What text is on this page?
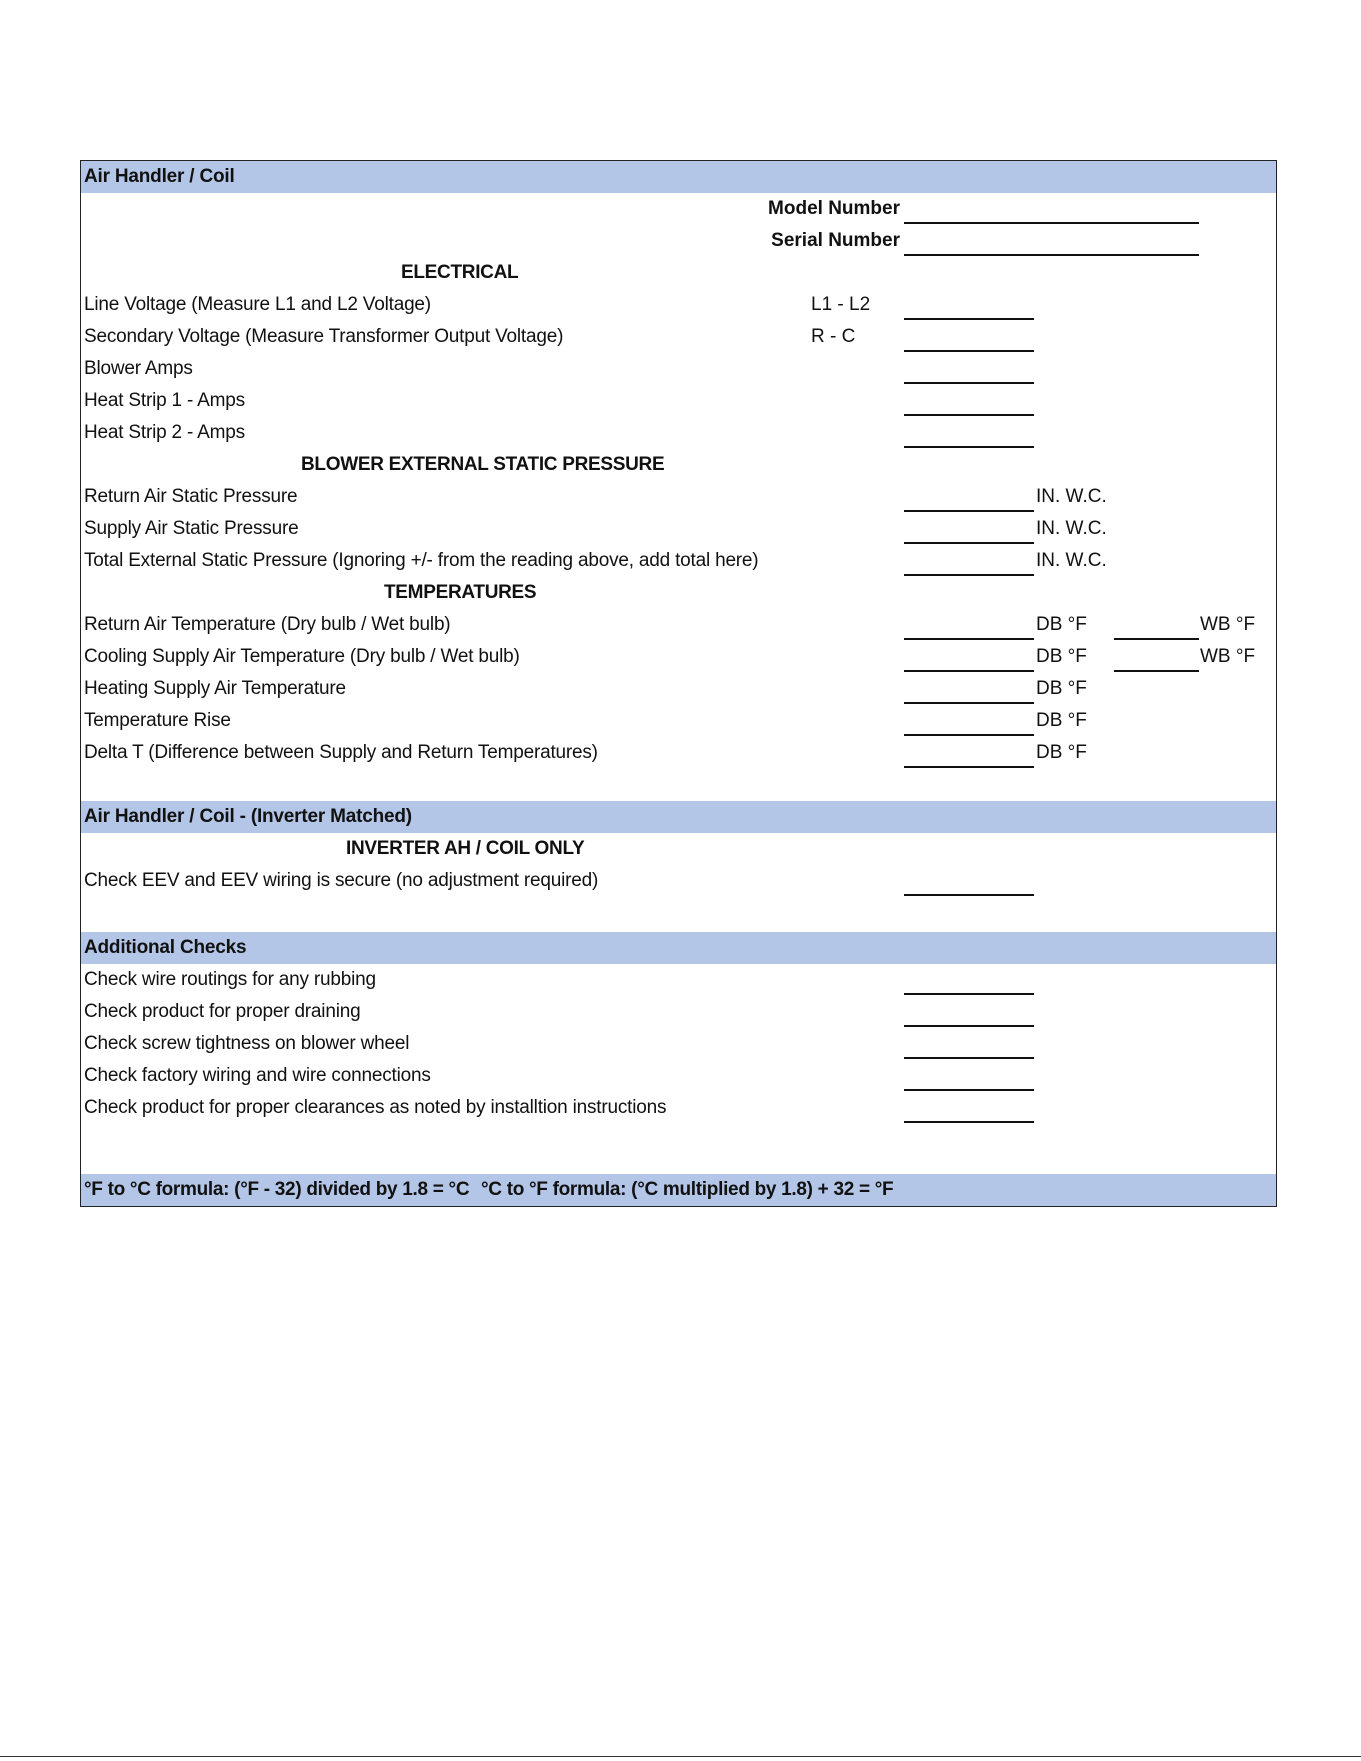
Air Handler / Coil
Model Number
Serial Number
ELECTRICAL
Line Voltage (Measure L1 and L2 Voltage)	L1 - L2
Secondary Voltage (Measure Transformer Output Voltage)	R - C
Blower Amps
Heat Strip 1 - Amps
Heat Strip 2 - Amps
BLOWER EXTERNAL STATIC PRESSURE
Return Air Static Pressure	IN. W.C.
Supply Air Static Pressure	IN. W.C.
Total External Static Pressure (Ignoring +/- from the reading above, add total here)	IN. W.C.
TEMPERATURES
Return Air Temperature (Dry bulb / Wet bulb)	DB °F	WB °F
Cooling Supply Air Temperature (Dry bulb / Wet bulb)	DB °F	WB °F
Heating Supply Air Temperature	DB °F
Temperature Rise	DB °F
Delta T (Difference between Supply and Return Temperatures)	DB °F
Air Handler / Coil - (Inverter Matched)
INVERTER AH / COIL ONLY
Check EEV and EEV wiring is secure (no adjustment required)
Additional Checks
Check wire routings for any rubbing
Check product for proper draining
Check screw tightness on blower wheel
Check factory wiring and wire connections
Check product for proper clearances as noted by installtion instructions
°F to °C formula: (°F - 32) divided by 1.8 = °C °C to °F formula: (°C multiplied by 1.8) + 32 = °F
